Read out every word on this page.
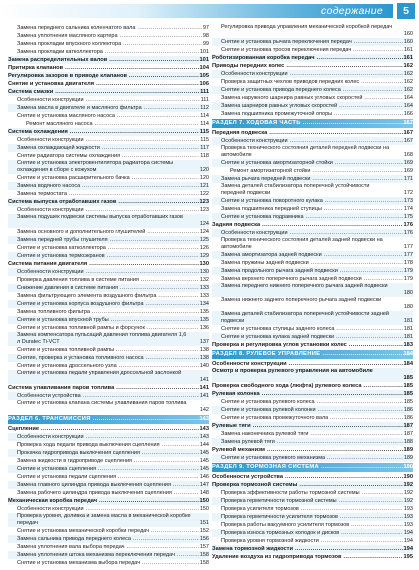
содержание	5
Замена переднего сальника коленчатого вала .....	97
Замена уплотнения масляного картера .....	98
Замена прокладки впускного коллектора .....	99
Замена прокладки катколлектора .....	101
Замена распределительных валов .....	101
Притирка клапанов .....	104
Регулировка зазоров в приводе клапанов .....	105
Снятие и установка двигателя .....	106
Система смазки .....	111
Особенности конструкции .....	111
Замена масла в двигателе и масляного фильтра .....	112
Снятие и установка масляного насоса .....	114
Ремонт масляного насоса .....	114
Система охлаждения .....	115
Особенности конструкции .....	115
Замена охлаждающей жидкости .....	117
Снятие радиатора системы охлаждения .....	118
Снятие и установка электровентилятора радиатора системы охлаждения в сборе с кожухом	120
Снятие и установка расширительного бачка .....	120
Замена водяного насоса .....	121
Замена термостата .....	122
Система выпуска отработавших газов .....	123
Особенности конструкции .....	123
Замена подушек подвески системы выпуска отработавших газов
124
Замена основного и дополнительного глушителей .....	124
Замена передней трубы глушителя .....	125
Снятие и установка катколлектора .....	126
Снятие и установка термоэкранов .....	129
Система питания двигателя .....	130
Особенности конструкции .....	130
Проверка давления топлива в системе питания .....	132
Снижение давления в системе питания .....	133
Замена фильтрующего элемента воздушного фильтра .....	133
Снятие и установка корпуса воздушного фильтра .....	134
Замена топливного фильтра .....	135
Снятие и установка впускной трубы .....	135
Снятие и установка топливной рампы и форсунок .....	136
Замена компенсатора пульсаций давления топлива двигателя 1,6 л Duratec Ti-VCT	137
Снятие и установка топливной рампы .....	138
Снятие, проверка и установка топливного насоса .....	138
Снятие и установка дроссельного узла .....	140
Снятие и установка педали управления дроссельной заслонкой
141
Система улавливания паров топлива .....	141
Особенности устройства .....	141
Снятие и установка клапана системы улавливания паров топлива
142
РАЗДЕЛ 6. ТРАНСМИССИЯ .....	143
Сцепление .....	143
Особенности конструкции .....	143
Проверка хода педали привода выключения сцепления .....	144
Прокачка гидропривода выключения сцепления .....	145
Замена жидкости в гидроприводе сцепления .....	145
Снятие и установка сцепления .....	145
Снятие и установка педали сцепления .....	146
Замена главного цилиндра привода выключения сцепления .....	147
Замена рабочего цилиндра привода выключения сцепления .....	148
Механическая коробка передач .....	150
Особенности конструкции .....	150
Проверка уровня, доливка и замена масла в механической коробке передач	151
Снятие и установка механической коробки передач .....	152
Замена сальника привода переднего колеса .....	156
Замена уплотнения вала выбора передач .....	157
Замена уплотнения штока механизма переключения передач .....	158
Снятие и установка механизма выбора передач .....	158
Регулировка привода управления механической коробкой передач
160
Снятие и установка рычага переключения передач .....	160
Снятие и установка тросов переключения передач .....	161
Роботизированная коробка передач .....	161
Приводы передних колес .....	162
Особенности конструкции .....	162
Проверка защитных чехлов приводов передних колес .....	162
Снятие и установка привода переднего колеса .....	162
Замена наружного шарнира равных угловых скоростей .....	164
Замена шарниров равных угловых скоростей .....	164
Замена подшипника промежуточной опоры .....	166
РАЗДЕЛ 7. ХОДОВАЯ ЧАСТЬ .....	167
Передняя подвеска .....	167
Особенности конструкции .....	167
Проверка технического состояния деталей передней подвески на автомобиле	168
Снятие и установка амортизаторной стойки .....	169
Ремонт амортизаторной стойки .....	169
Замена рычага передней подвески .....	171
Замена деталей стабилизатора поперечной устойчивости передней подвески	172
Снятие и установка поворотного кулака .....	173
Замена подшипника передней ступицы .....	174
Снятие и установка подрамника .....	175
Задняя подвеска .....	176
Особенности конструкции .....	176
Проверка технического состояния деталей задней подвески на автомобиле	177
Замена амортизатора задней подвески .....	177
Замена пружины задней подвески .....	178
Замена продольного рычага задней подвески .....	179
Замена верхнего поперечного рычага задней подвески .....	179
Замена переднего нижнего поперечного рычага задней подвески
180
Замена нижнего заднего поперечного рычага задней подвески
180
Замена деталей стабилизатора поперечной устойчивости задней подвески	181
Снятие и установка ступицы заднего колеса .....	181
Снятие и установка кулака задней подвески .....	181
Проверка и регулировка углов установки колес .....	183
РАЗДЕЛ 8. РУЛЕВОЕ УПРАВЛЕНИЕ .....	184
Особенности конструкции .....	184
Осмотр и проверка рулевого управления на автомобиле
185
Проверка свободного хода (люфта) рулевого колеса .....	185
Рулевая колонка .....	185
Снятие и установка рулевого колеса .....	185
Снятие и установка рулевой колонки .....	186
Снятие и установка промежуточного вала .....	186
Рулевые тяги .....	187
Замена наконечника рулевой тяги .....	187
Замена рулевой тяги .....	188
Рулевой механизм .....	189
Снятие и установка рулевого механизма .....	189
РАЗДЕЛ 9. ТОРМОЗНАЯ СИСТЕМА .....	190
Особенности устройства .....	190
Проверка тормозной системы .....	192
Проверка эффективности работы тормозной системы .....	192
Проверка герметичности тормозной системы .....	192
Проверка усилителя тормозов .....	193
Проверка герметичности усилителя тормозов .....	193
Проверка работы вакуумного усилителя тормозов .....	193
Проверка износа тормозных колодок и дисков .....	194
Проверка уровня тормозной жидкости .....	194
Замена тормозной жидкости .....	194
Удаление воздуха из гидропривода тормозов .....	195
